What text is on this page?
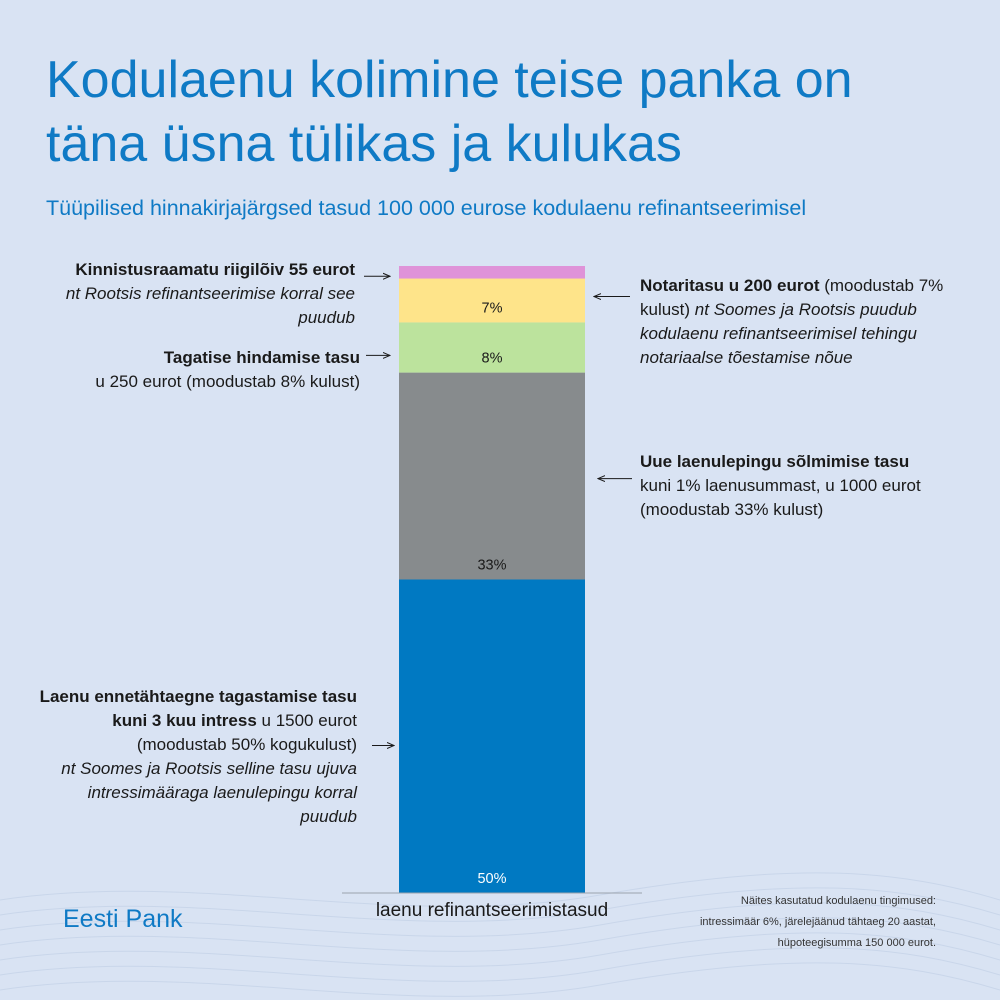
Kodulaenu kolimine teise panka on täna üsna tülikas ja kulukas
Tüüpilised hinnakirjajärgsed tasud 100 000 eurose kodulaenu refinantseerimisel
50%
33%
8%
7%
laenu refinantseerimistasud
Kinnistusraamatu riigilõiv 55 eurot
nt Rootsis refinantseerimise korral see puudub
Tagatise hindamise tasu
u 250 eurot (moodustab 8% kulust)
Laenu ennetähtaegne tagastamise tasu kuni 3 kuu intress u 1500 eurot (moodustab 50% kogukulust)
nt Soomes ja Rootsis selline tasu ujuva intressimääraga laenulepingu korral puudub
Notaritasu u 200 eurot (moodustab 7% kulust) nt Soomes ja Rootsis puudub kodulaenu refinantseerimisel tehingu notariaalse tõestamise nõue
Uue laenulepingu sõlmimise tasu
kuni 1% laenusummast, u 1000 eurot (moodustab 33% kulust)
Eesti Pank
Näites kasutatud kodulaenu tingimused:
intressimäär 6%, järelejäänud tähtaeg 20 aastat,
hüpoteegisumma 150 000 eurot.
